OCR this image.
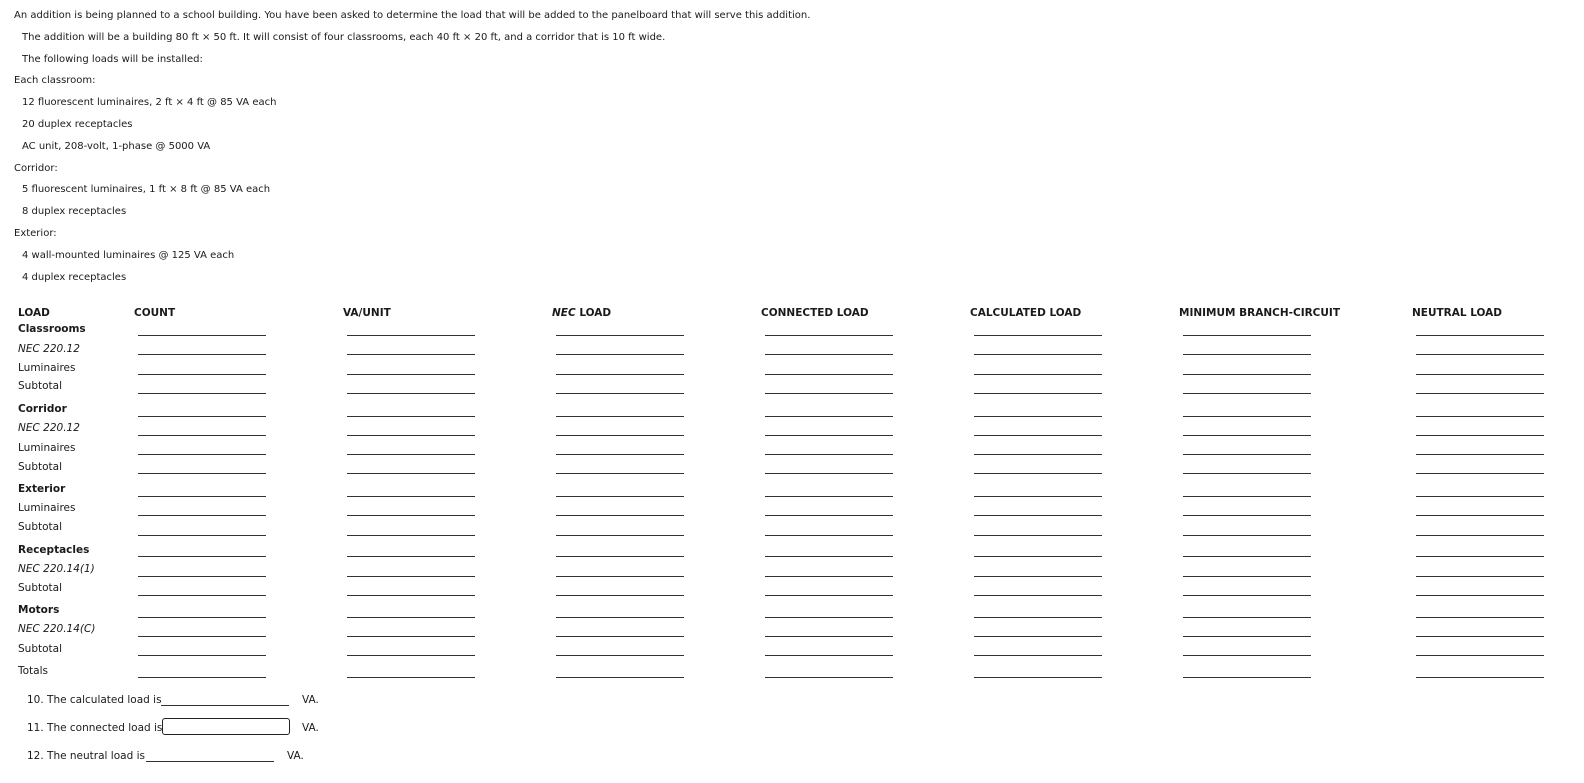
An addition is being planned to a school building. You have been asked to determine the load that will be added to the panelboard that will serve this addition.

The addition will be a building 80 ft × 50 ft. It will consist of four classrooms, each 40 ft × 20 ft, and a corridor that is 10 ft wide.

The following loads will be installed:

Each classroom:

12 fluorescent luminaires, 2 ft × 4 ft @ 85 VA each

20 duplex receptacles

AC unit, 208-volt, 1-phase @ 5000 VA

Corridor:

5 fluorescent luminaires, 1 ft × 8 ft @ 85 VA each

8 duplex receptacles

Exterior:

4 wall-mounted luminaires @ 125 VA each

4 duplex receptacles

LOAD	COUNT	VA/UNIT	NEC LOAD	CONNECTED LOAD	CALCULATED LOAD	MINIMUM BRANCH-CIRCUIT	NEUTRAL LOAD
Classrooms
NEC 220.12
Luminaires
Subtotal
Corridor
NEC 220.12
Luminaires
Subtotal
Exterior
Luminaires
Subtotal
Receptacles
NEC 220.14(1)
Subtotal
Motors
NEC 220.14(C)
Subtotal
Totals
10. The calculated load is	VA.
11. The connected load is	VA.
12. The neutral load is	VA.
